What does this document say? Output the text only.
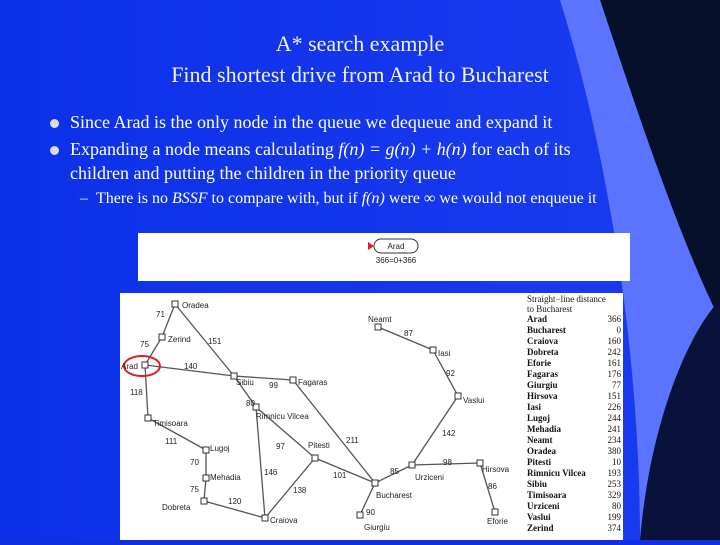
A* search example
Find shortest drive from Arad to Bucharest
Since Arad is the only node in the queue we dequeue and expand it
Expanding a node means calculating f(n) = g(n) + h(n) for each of its
children and putting the children in the priority queue
– There is no BSSF to compare with, but if f(n) were ∞ we would not enqueue it
Arad
366=0+366
Oradea
Zerind
Arad
Sibiu	Fagaras
Timisoara
Rimnicu Vilcea
Lugoj	Pitesti
Mehadia
Dobreta
Craiova
Bucharest
Giurgiu
Urziceni
Hirsova
Eforie
Vaslui
Iasi
Neamt
71
75	151
140
118
99
80
111
97
70
146
211
101
75
120
138
85
90
98
86
142
92
87
Straight−line distance
to Bucharest
Arad	366
Bucharest	0
Craiova	160
Dobreta	242
Eforie	161
Fagaras	176
Giurgiu	77
Hirsova	151
Iasi	226
Lugoj	244
Mehadia	241
Neamt	234
Oradea	380
Pitesti	10
Rimnicu Vilcea 193
Sibiu	253
Timisoara	329
Urziceni	80
Vaslui	199
Zerind	374
